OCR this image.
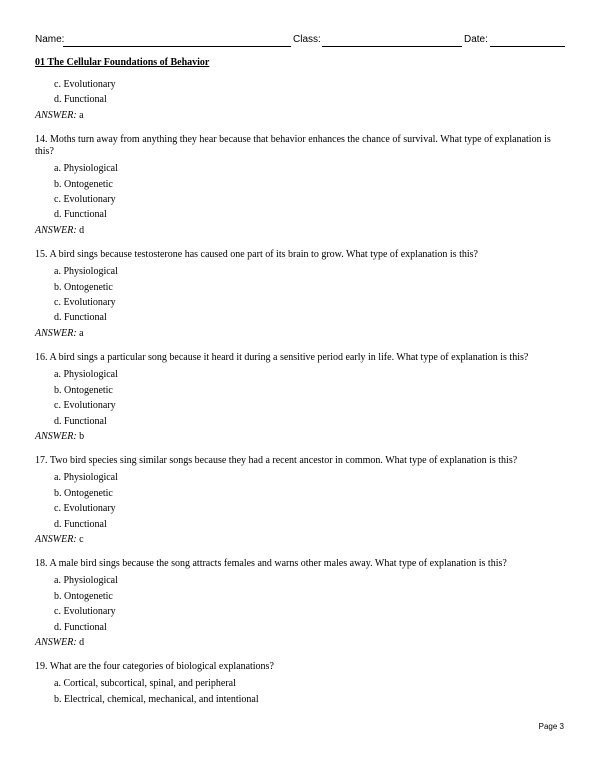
Name:	Class:	Date:
01 The Cellular Foundations of Behavior
c. Evolutionary
d. Functional
ANSWER: a
14. Moths turn away from anything they hear because that behavior enhances the chance of survival. What type of explanation is this?
a. Physiological
b. Ontogenetic
c. Evolutionary
d. Functional
ANSWER: d
15. A bird sings because testosterone has caused one part of its brain to grow. What type of explanation is this?
a. Physiological
b. Ontogenetic
c. Evolutionary
d. Functional
ANSWER: a
16. A bird sings a particular song because it heard it during a sensitive period early in life. What type of explanation is this?
a. Physiological
b. Ontogenetic
c. Evolutionary
d. Functional
ANSWER: b
17. Two bird species sing similar songs because they had a recent ancestor in common. What type of explanation is this?
a. Physiological
b. Ontogenetic
c. Evolutionary
d. Functional
ANSWER: c
18. A male bird sings because the song attracts females and warns other males away. What type of explanation is this?
a. Physiological
b. Ontogenetic
c. Evolutionary
d. Functional
ANSWER: d
19. What are the four categories of biological explanations?
a. Cortical, subcortical, spinal, and peripheral
b. Electrical, chemical, mechanical, and intentional
Page 3
